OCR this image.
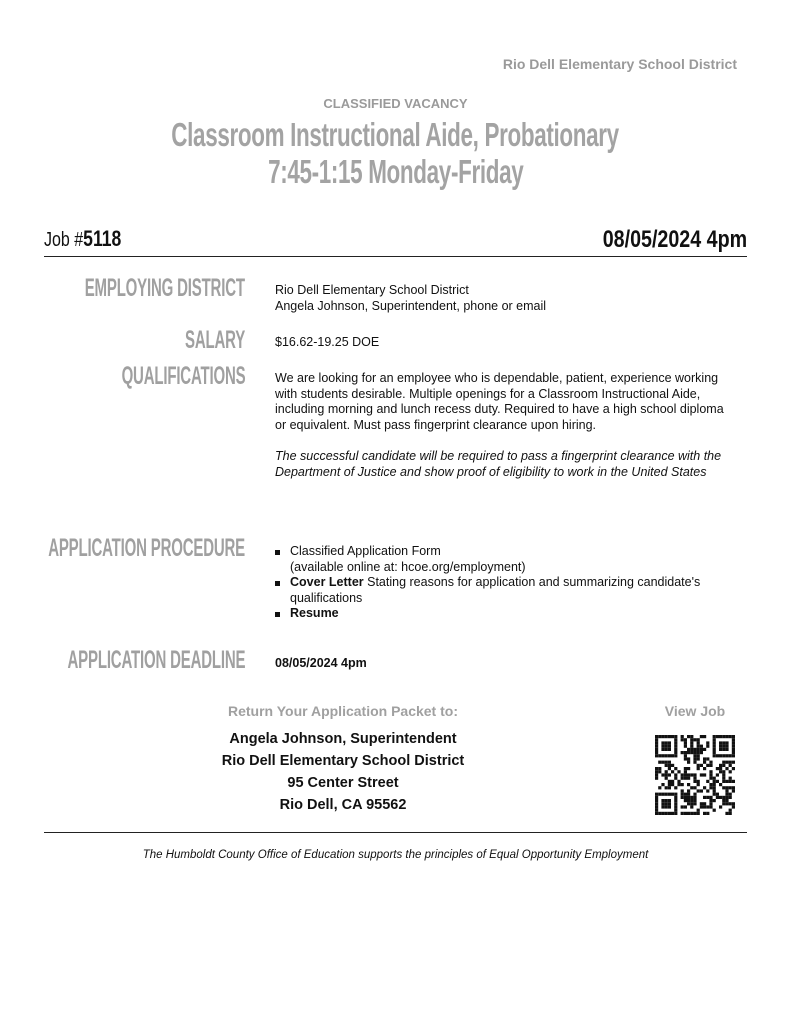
Rio Dell Elementary School District
CLASSIFIED VACANCY
Classroom Instructional Aide, Probationary
7:45-1:15 Monday-Friday
Job #5118	08/05/2024 4pm
EMPLOYING DISTRICT Rio Dell Elementary School District
Angela Johnson, Superintendent, phone or email
SALARY $16.62-19.25 DOE
QUALIFICATIONS We are looking for an employee who is dependable, patient, experience working with students desirable. Multiple openings for a Classroom Instructional Aide, including morning and lunch recess duty. Required to have a high school diploma or equivalent. Must pass fingerprint clearance upon hiring.

The successful candidate will be required to pass a fingerprint clearance with the Department of Justice and show proof of eligibility to work in the United States

APPLICATION PROCEDURE	Classified Application Form
(available online at: hcoe.org/employment)
Cover Letter Stating reasons for application and summarizing candidate's qualifications
Resume
APPLICATION DEADLINE 08/05/2024 4pm
Return Your Application Packet to:
Angela Johnson, Superintendent
Rio Dell Elementary School District
95 Center Street
Rio Dell, CA 95562
View Job
The Humboldt County Office of Education supports the principles of Equal Opportunity Employment
